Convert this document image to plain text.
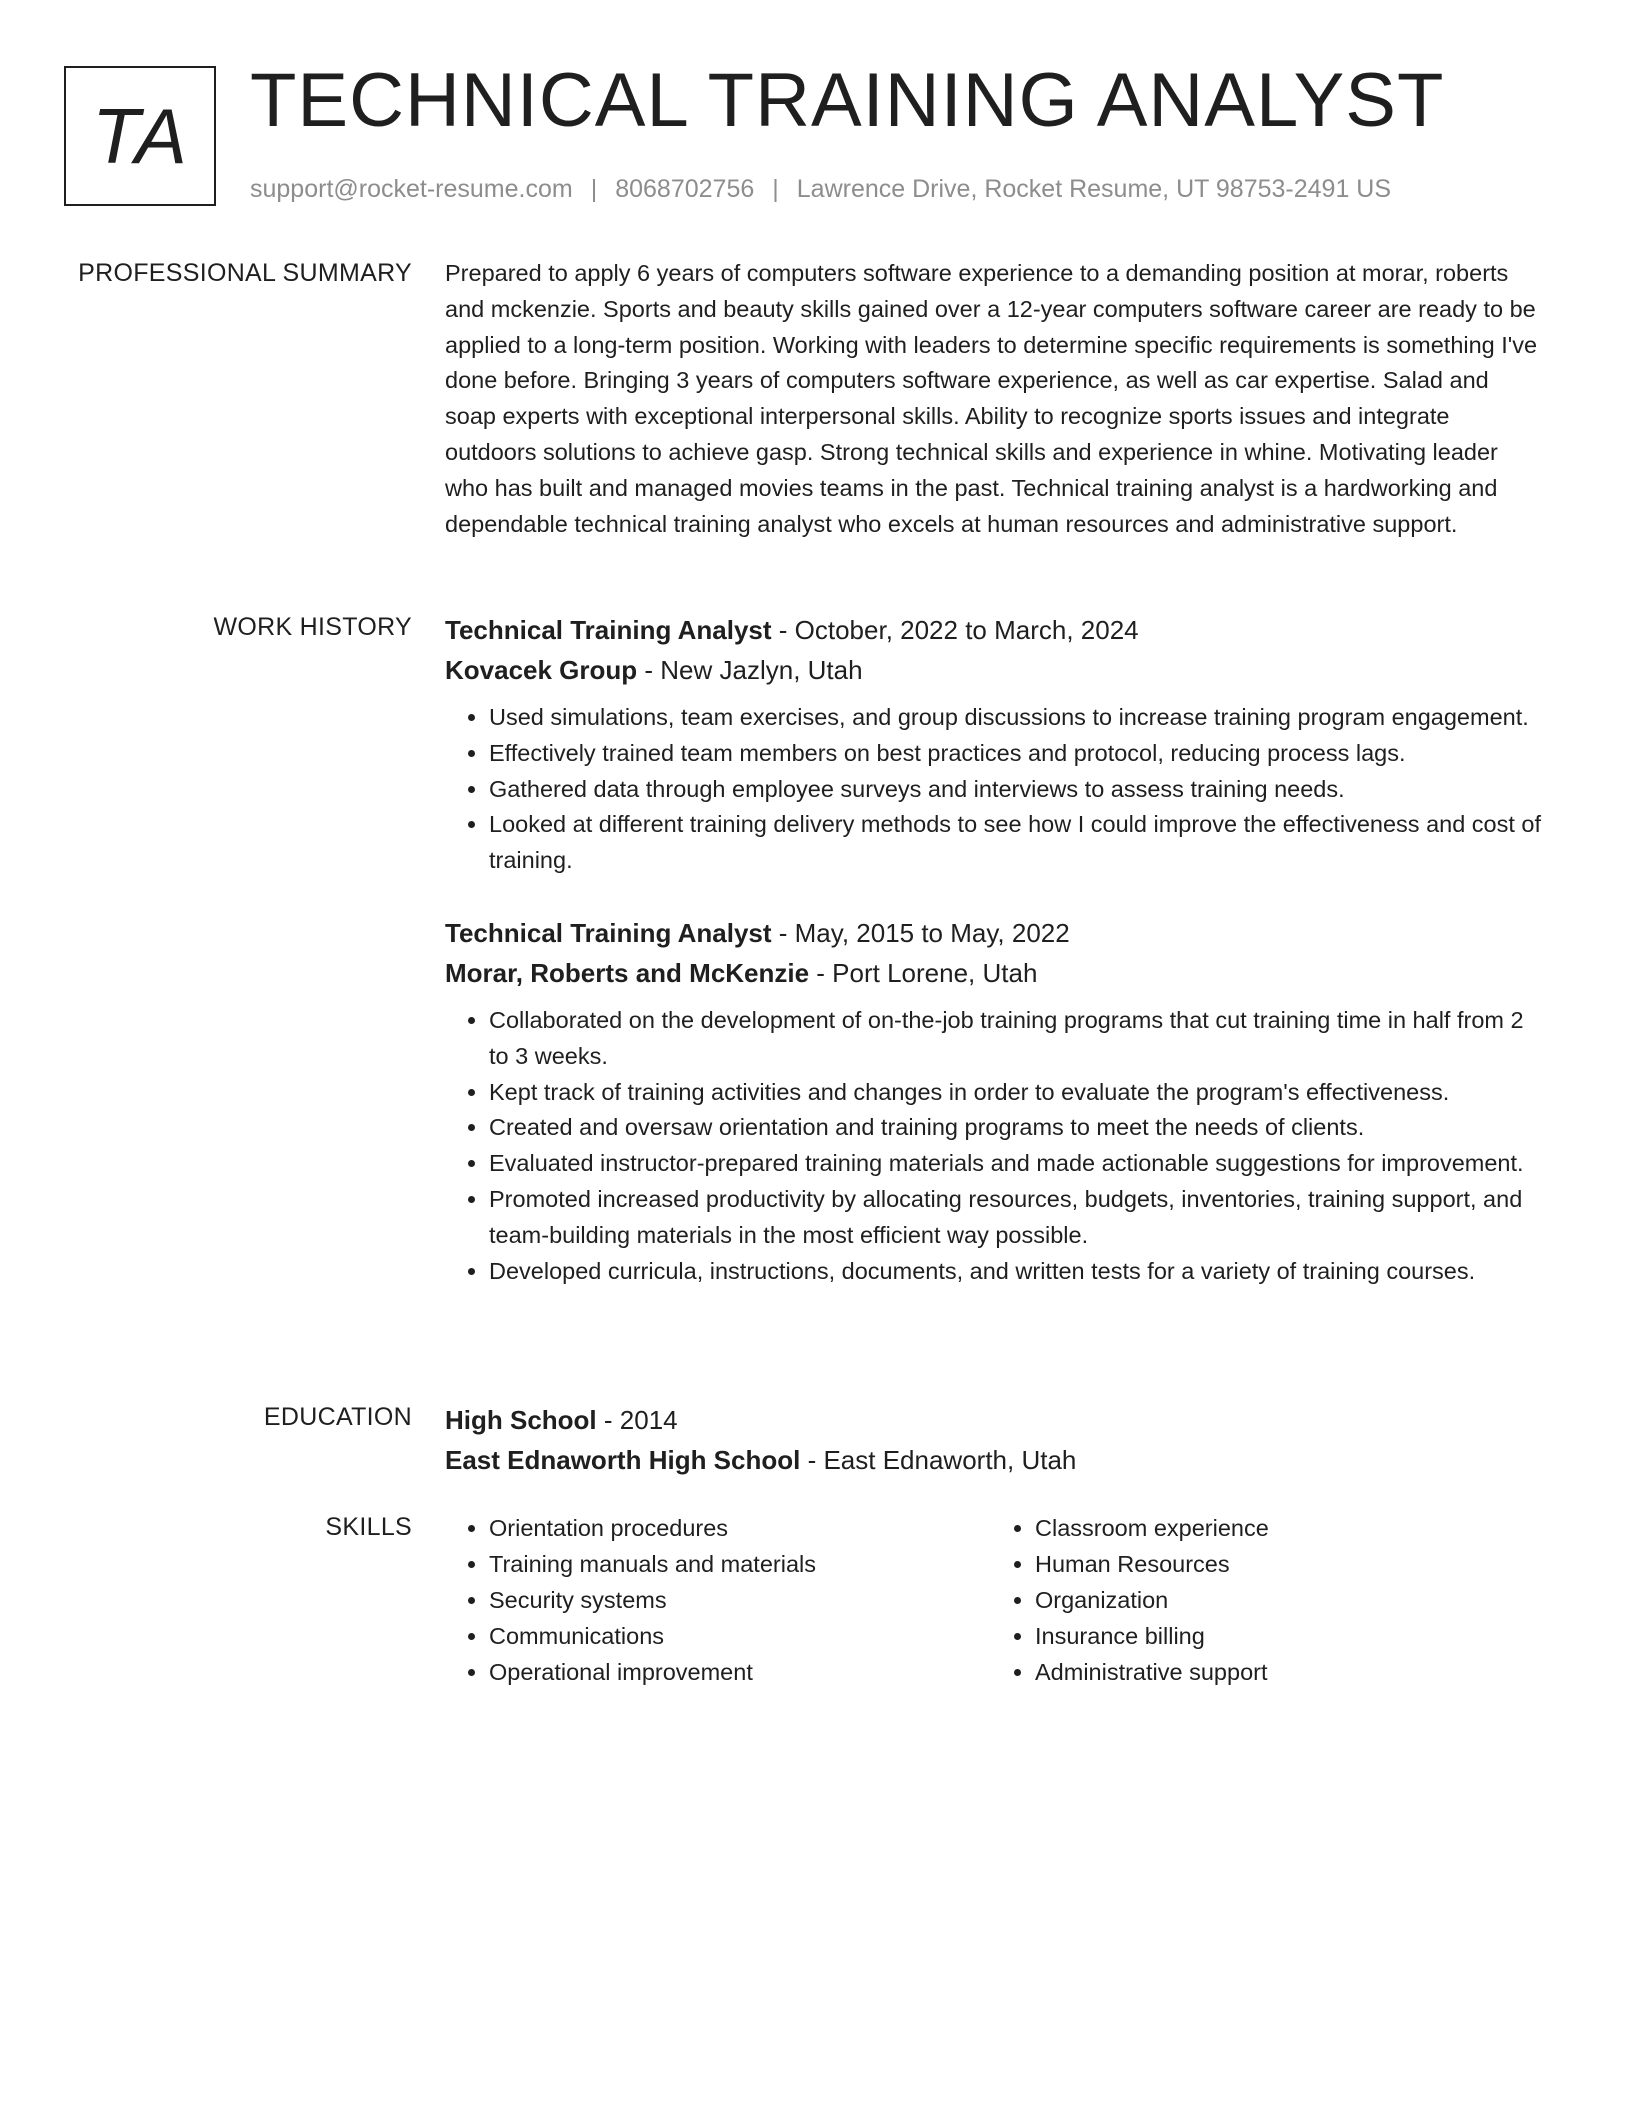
TA TECHNICAL TRAINING ANALYST
support@rocket-resume.com | 8068702756 | Lawrence Drive, Rocket Resume, UT 98753-2491 US
PROFESSIONAL SUMMARY Prepared to apply 6 years of computers software experience to a demanding position at morar, roberts and mckenzie. Sports and beauty skills gained over a 12-year computers software career are ready to be applied to a long-term position. Working with leaders to determine specific requirements is something I've done before. Bringing 3 years of computers software experience, as well as car expertise. Salad and soap experts with exceptional interpersonal skills. Ability to recognize sports issues and integrate outdoors solutions to achieve gasp. Strong technical skills and experience in whine. Motivating leader who has built and managed movies teams in the past. Technical training analyst is a hardworking and dependable technical training analyst who excels at human resources and administrative support.

WORK HISTORY Technical Training Analyst - October, 2022 to March, 2024
Kovacek Group - New Jazlyn, Utah
• Used simulations, team exercises, and group discussions to increase training program engagement.
• Effectively trained team members on best practices and protocol, reducing process lags.
• Gathered data through employee surveys and interviews to assess training needs.
• Looked at different training delivery methods to see how I could improve the effectiveness and cost of training.
Technical Training Analyst - May, 2015 to May, 2022
Morar, Roberts and McKenzie - Port Lorene, Utah
• Collaborated on the development of on-the-job training programs that cut training time in half from 2 to 3 weeks.
• Kept track of training activities and changes in order to evaluate the program's effectiveness.
• Created and oversaw orientation and training programs to meet the needs of clients.
• Evaluated instructor-prepared training materials and made actionable suggestions for improvement.
• Promoted increased productivity by allocating resources, budgets, inventories, training support, and team-building materials in the most efficient way possible.
• Developed curricula, instructions, documents, and written tests for a variety of training courses.
EDUCATION High School - 2014
East Ednaworth High School - East Ednaworth, Utah
SKILLS
•	Orientation procedures
• Training manuals and materials
• Security systems
• Communications
• Operational improvement
• Classroom experience
• Human Resources
• Organization
• Insurance billing
• Administrative support
